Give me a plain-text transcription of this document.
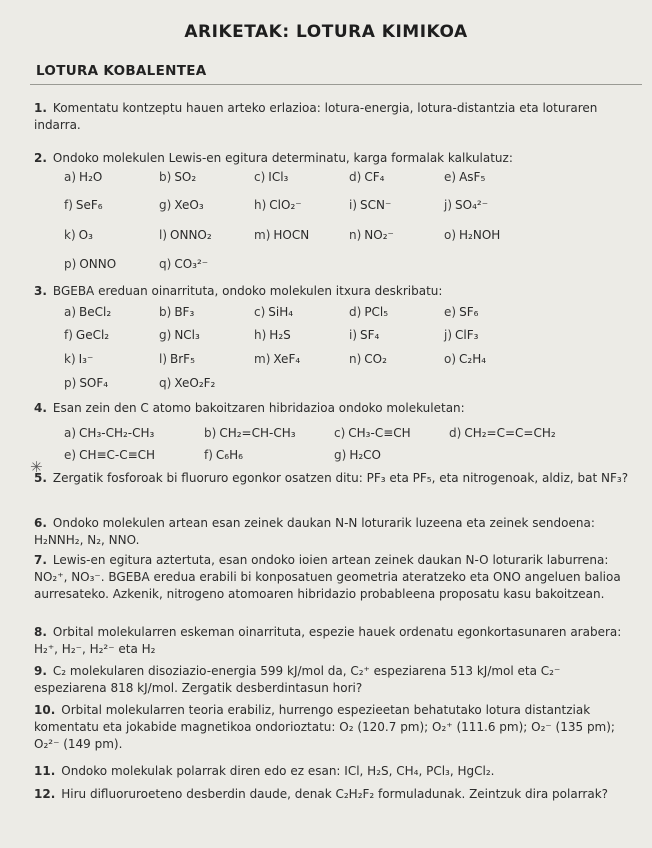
ARIKETAK: LOTURA KIMIKOA
LOTURA KOBALENTEA
1. Komentatu kontzeptu hauen arteko erlazioa: lotura-energia, lotura-distantzia eta loturaren indarra.
2. Ondoko molekulen Lewis-en egitura determinatu, karga formalak kalkulatuz:
a) H₂O	b) SO₂	c) ICl₃	d) CF₄	e) AsF₅
f) SeF₆	g) XeO₃	h) ClO₂⁻	i) SCN⁻	j) SO₄²⁻
k) O₃	l) ONNO₂	m) HOCN	n) NO₂⁻	o) H₂NOH
p) ONNO	q) CO₃²⁻
3. BGEBA ereduan oinarrituta, ondoko molekulen itxura deskribatu:
a) BeCl₂	b) BF₃	c) SiH₄	d) PCl₅	e) SF₆
f) GeCl₂	g) NCl₃	h) H₂S	i) SF₄	j) ClF₃
k) I₃⁻	l) BrF₅	m) XeF₄	n) CO₂	o) C₂H₄
p) SOF₄	q) XeO₂F₂
4. Esan zein den C atomo bakoitzaren hibridazioa ondoko molekuletan:
a) CH₃-CH₂-CH₃	b) CH₂=CH-CH₃	c) CH₃-C≡CH	d) CH₂=C=C=CH₂
e) CH≡C-C≡CH	f) C₆H₆	g) H₂CO
✳
5. Zergatik fosforoak bi fluoruro egonkor osatzen ditu: PF₃ eta PF₅, eta nitrogenoak, aldiz, bat NF₃?
6. Ondoko molekulen artean esan zeinek daukan N-N loturarik luzeena eta zeinek sendoena: H₂NNH₂, N₂, NNO.
7. Lewis-en egitura aztertuta, esan ondoko ioien artean zeinek daukan N-O loturarik laburrena: NO₂⁺, NO₃⁻. BGEBA eredua erabili bi konposatuen geometria ateratzeko eta ONO angeluen balioa aurresateko. Azkenik, nitrogeno atomoaren hibridazio probableena proposatu kasu bakoitzean.
8. Orbital molekularren eskeman oinarrituta, espezie hauek ordenatu egonkortasunaren arabera: H₂⁺, H₂⁻, H₂²⁻ eta H₂
9. C₂ molekularen disoziazio-energia 599 kJ/mol da, C₂⁺ espeziarena 513 kJ/mol eta C₂⁻ espeziarena 818 kJ/mol. Zergatik desberdintasun hori?
10. Orbital molekularren teoria erabiliz, hurrengo espezieetan behatutako lotura distantziak komentatu eta jokabide magnetikoa ondorioztatu: O₂ (120.7 pm); O₂⁺ (111.6 pm); O₂⁻ (135 pm); O₂²⁻ (149 pm).
11. Ondoko molekulak polarrak diren edo ez esan: ICl, H₂S, CH₄, PCl₃, HgCl₂.
12. Hiru difluoruroeteno desberdin daude, denak C₂H₂F₂ formuladunak. Zeintzuk dira polarrak?
